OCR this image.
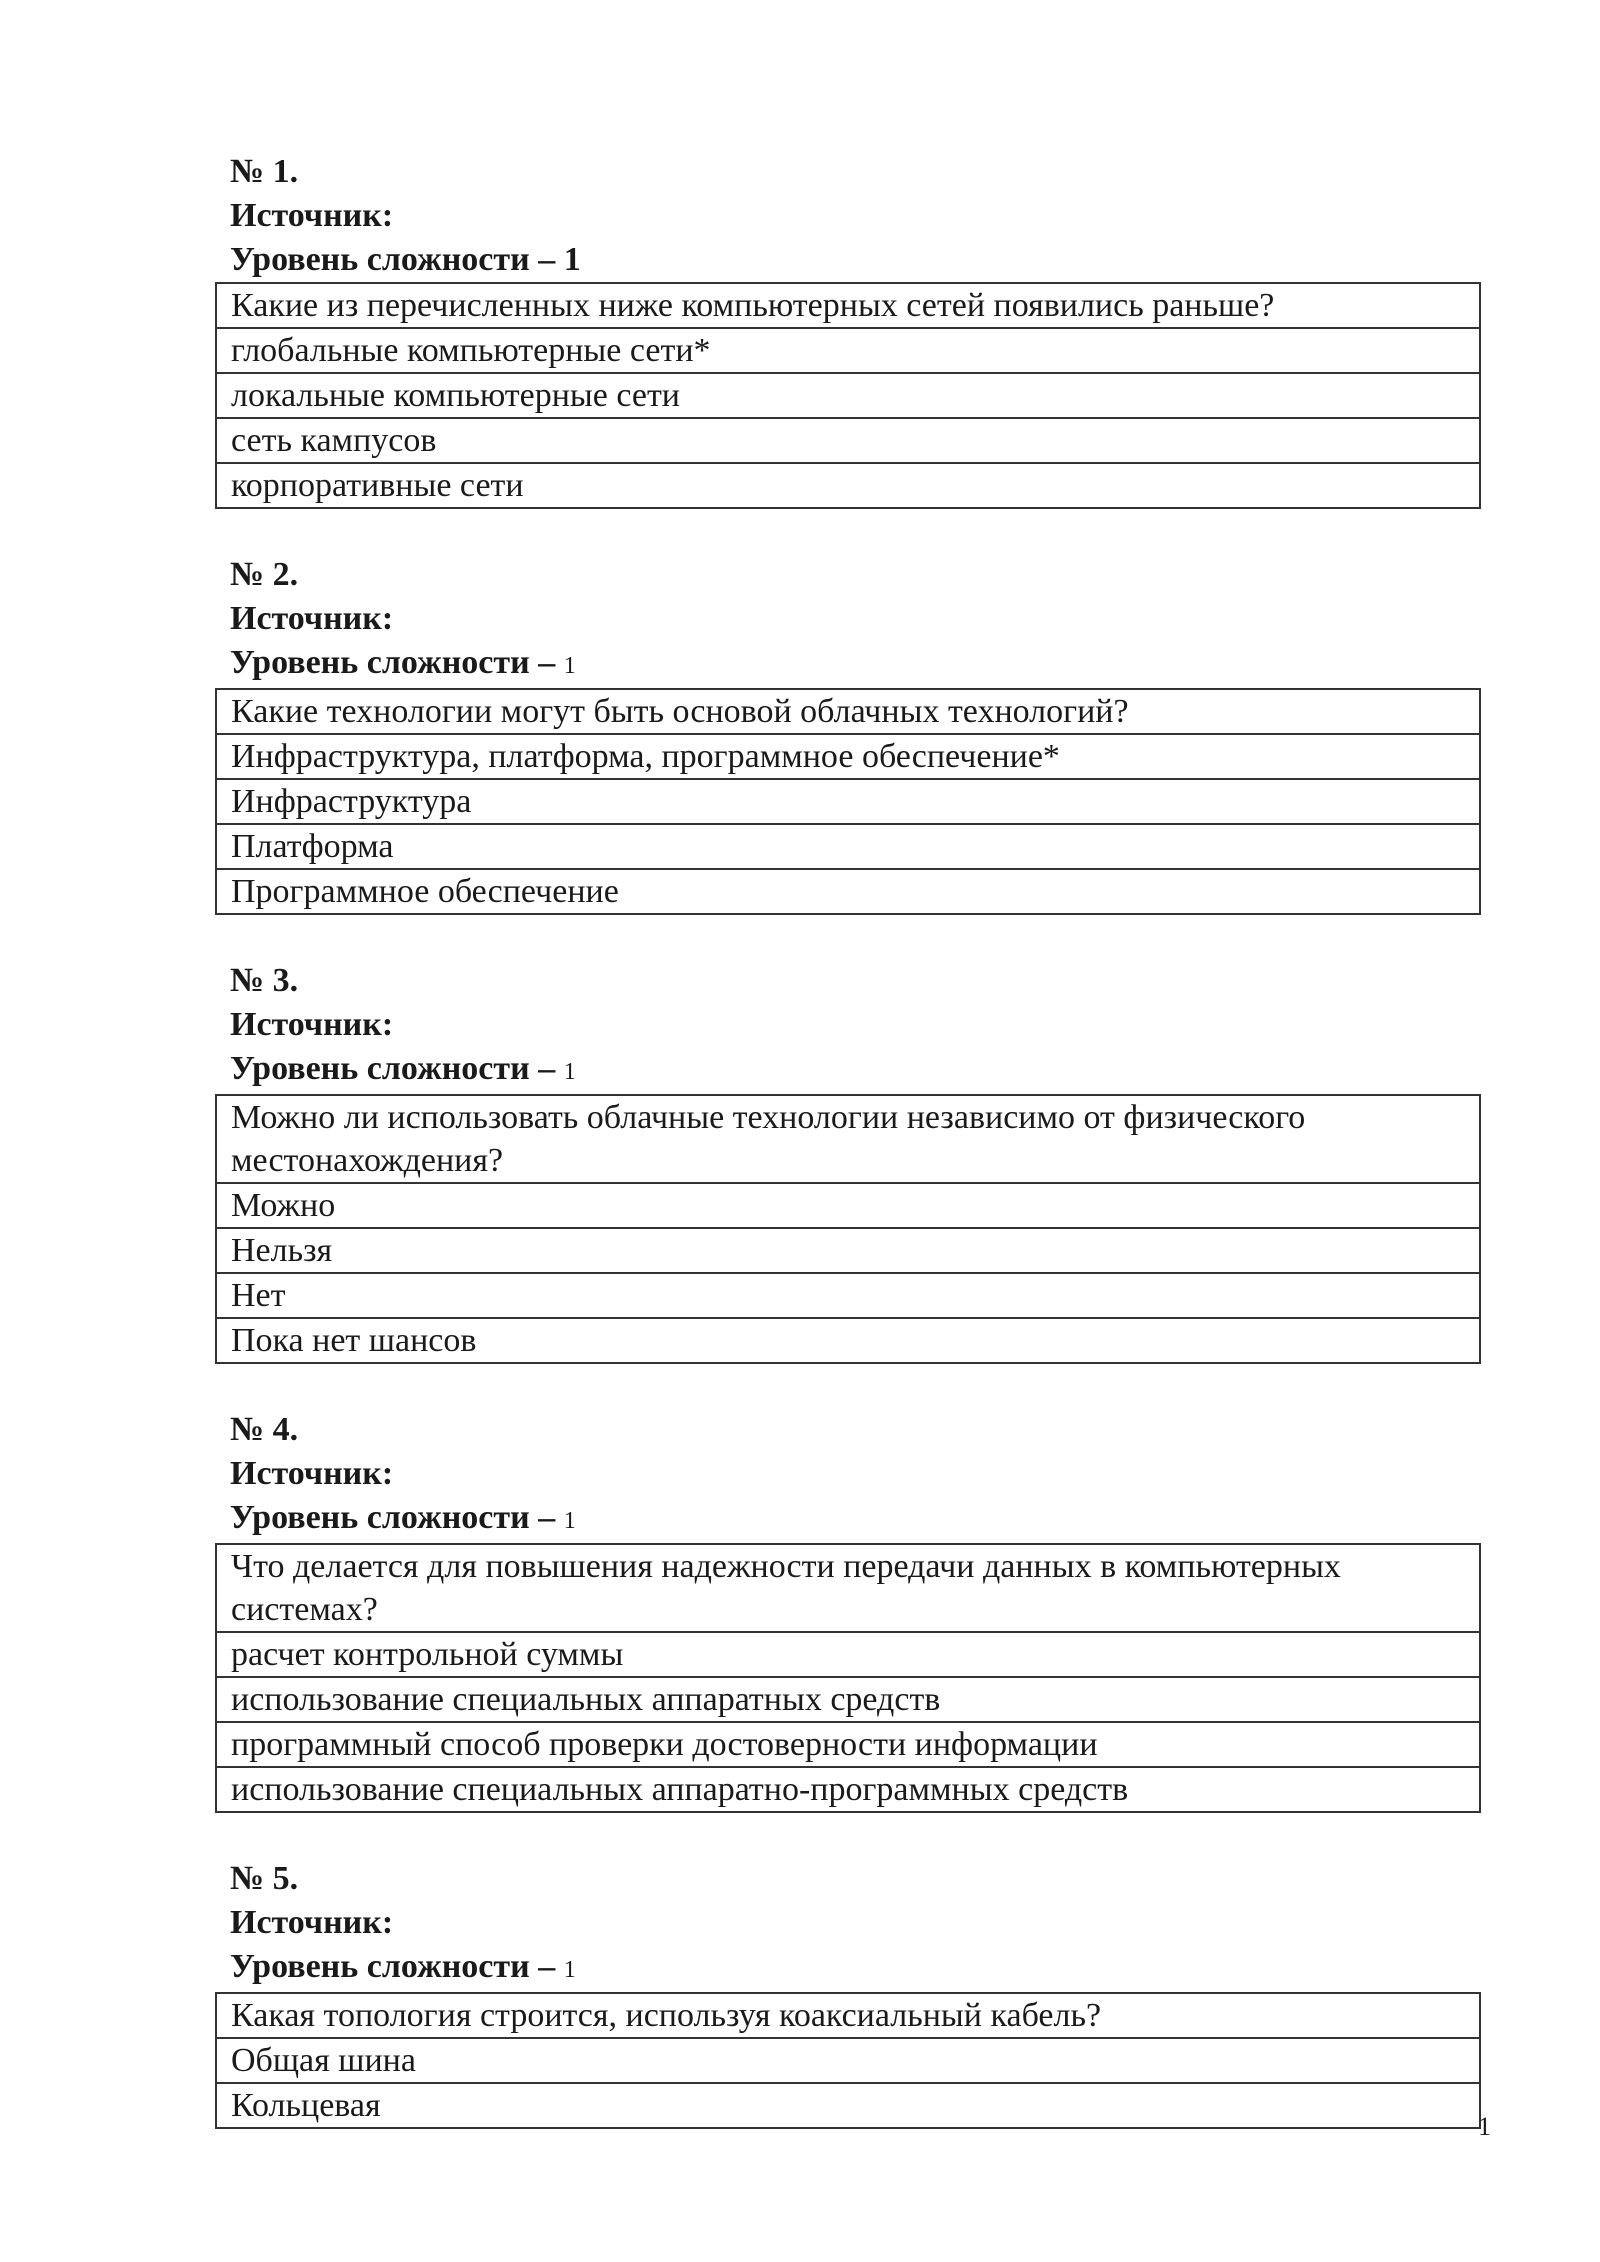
№ 1.
Источник:
Уровень сложности – 1
Какие из перечисленных ниже компьютерных сетей появились раньше?
глобальные компьютерные сети*
локальные компьютерные сети
сеть кампусов
корпоративные сети
№ 2.
Источник:
Уровень сложности – 1
Какие технологии могут быть основой облачных технологий?
Инфраструктура, платформа, программное обеспечение*
Инфраструктура
Платформа
Программное обеспечение
№ 3.
Источник:
Уровень сложности – 1
Можно ли использовать облачные технологии независимо от физического местонахождения?
Можно
Нельзя
Нет
Пока нет шансов
№ 4.
Источник:
Уровень сложности – 1
Что делается для повышения надежности передачи данных в компьютерных системах?
расчет контрольной суммы
использование специальных аппаратных средств
программный способ проверки достоверности информации
использование специальных аппаратно-программных средств
№ 5.
Источник:
Уровень сложности – 1
Какая топология строится, используя коаксиальный кабель?
Общая шина
Кольцевая
1
